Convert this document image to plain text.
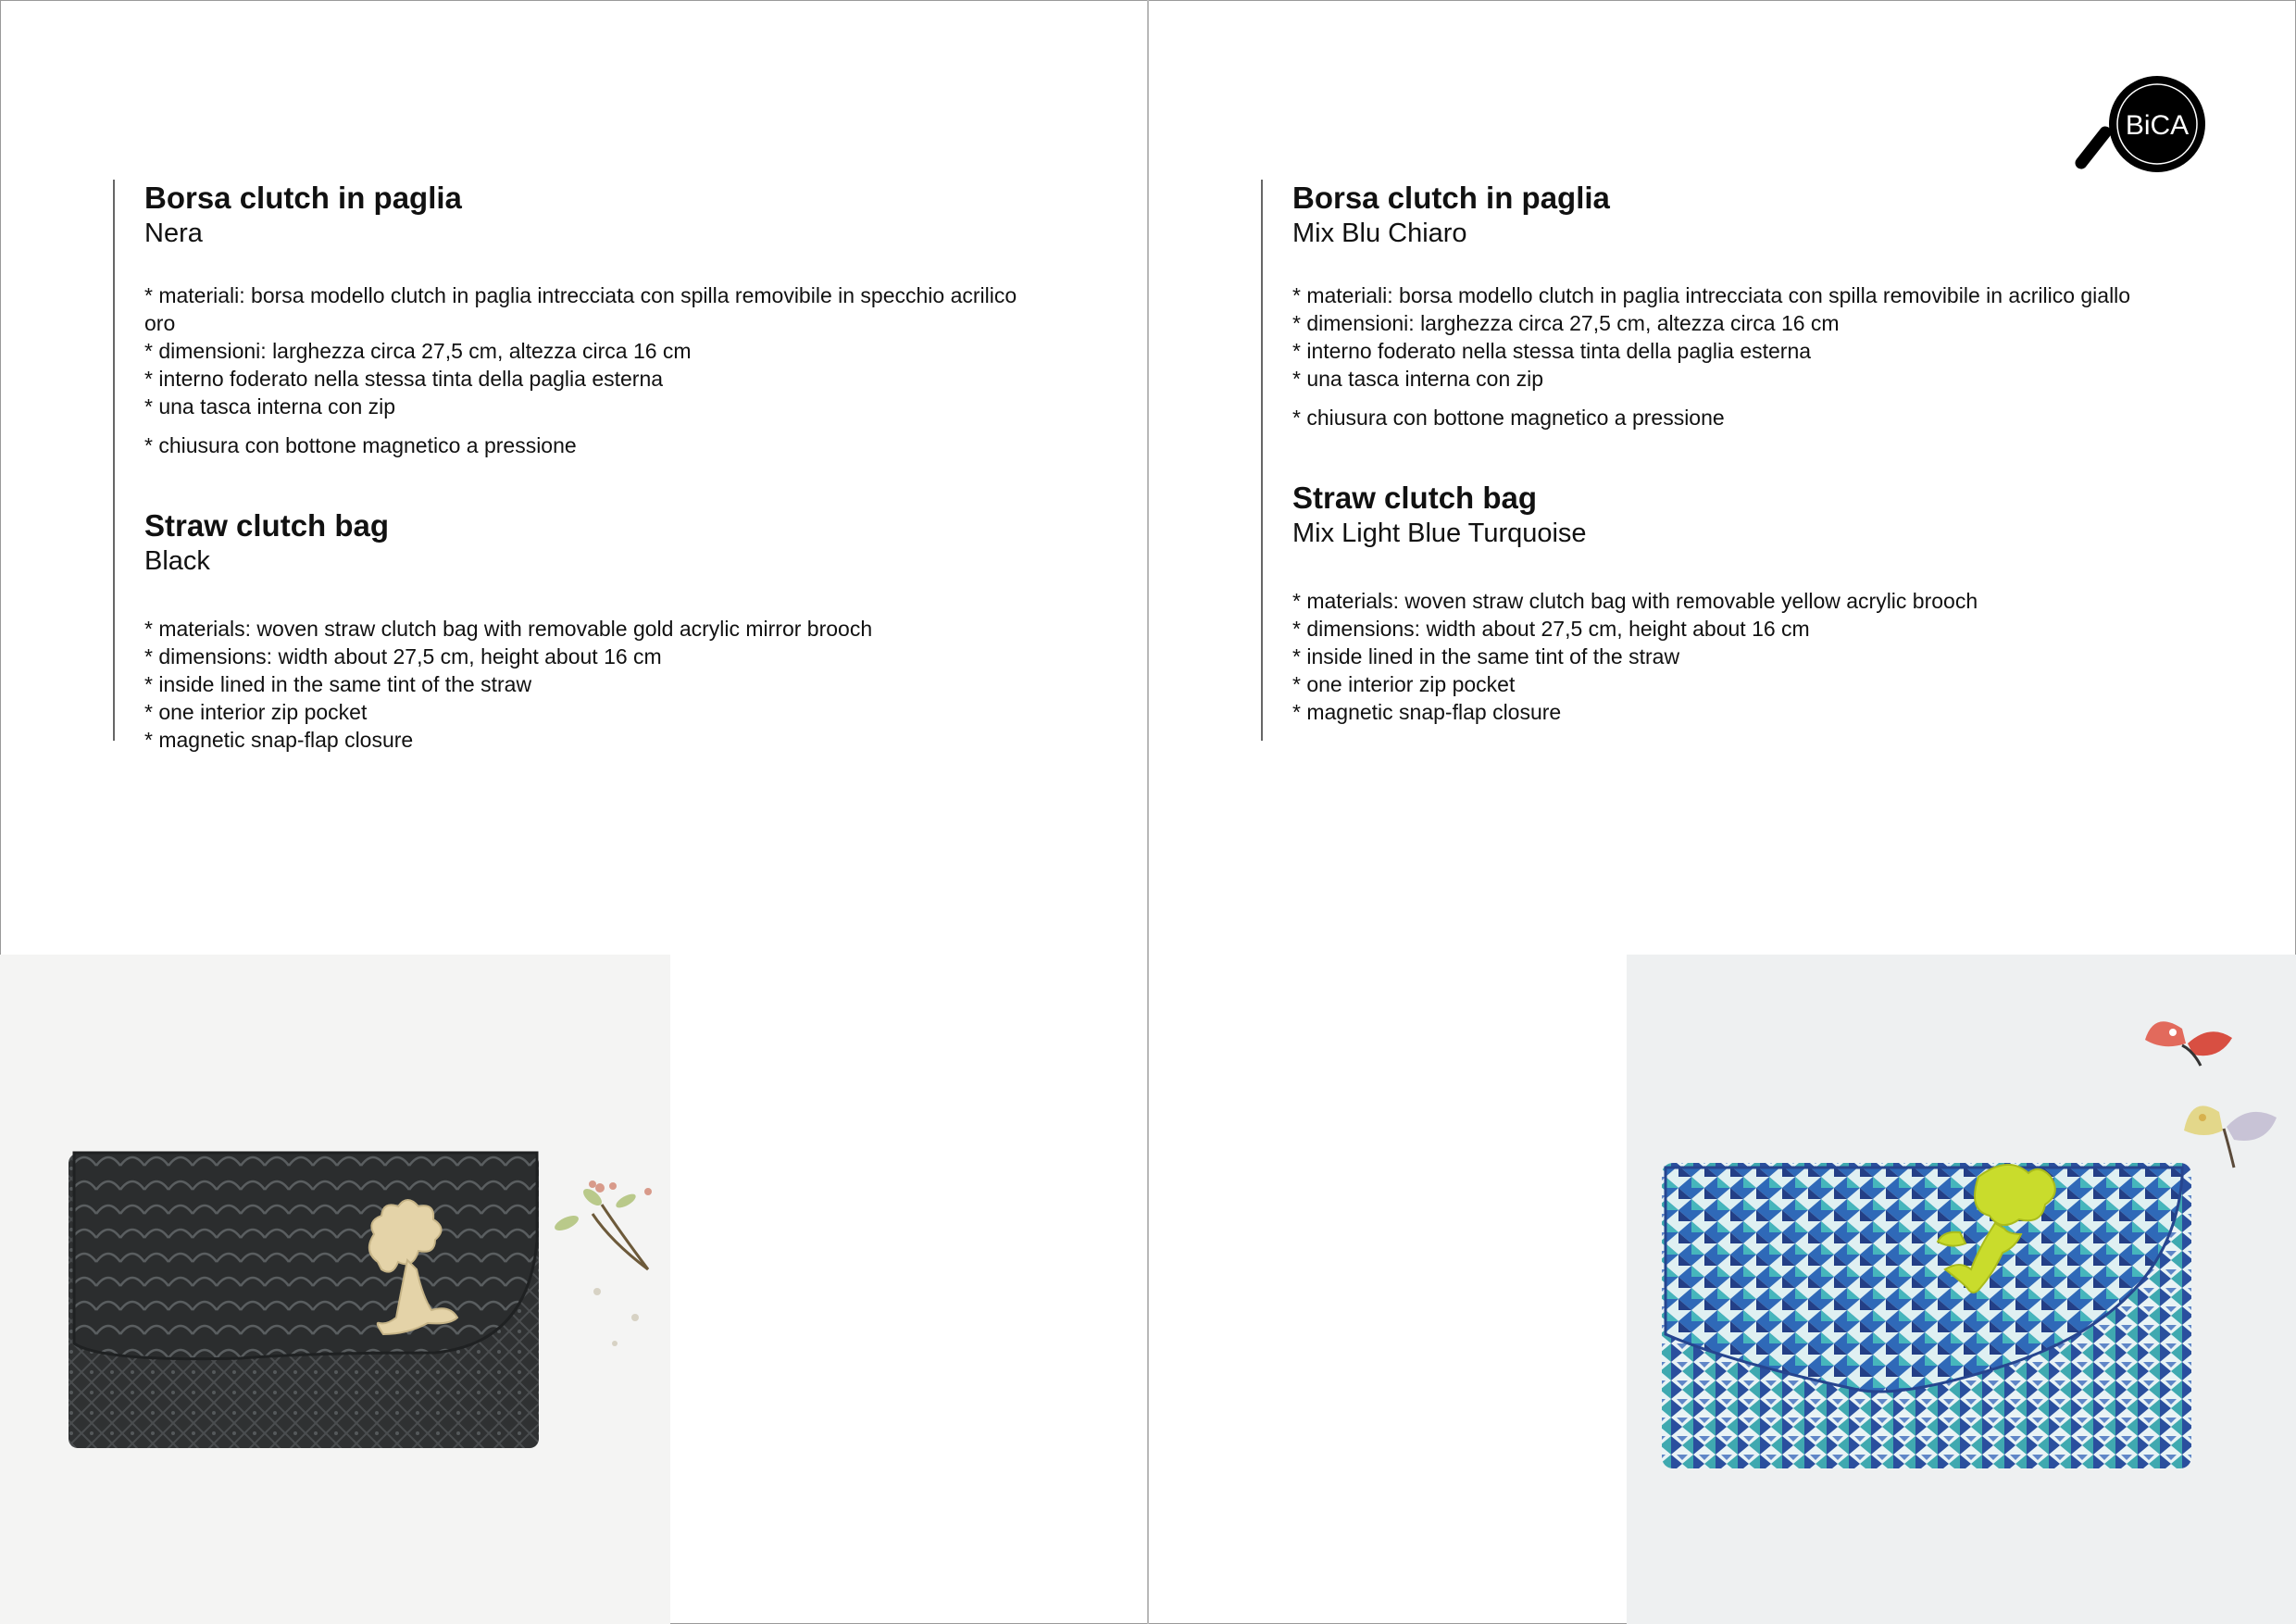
Borsa clutch in paglia

Nera

* materiali: borsa modello clutch in paglia intrecciata con spilla removibile in specchio acrilico oro
* dimensioni: larghezza circa 27,5 cm, altezza circa 16 cm
* interno foderato nella stessa tinta della paglia esterna
* una tasca interna con zip
* chiusura con bottone magnetico a pressione

Straw clutch bag

Black

* materials: woven straw clutch bag with removable gold acrylic mirror brooch
* dimensions: width about 27,5 cm, height about 16 cm
* inside lined in the same tint of the straw
* one interior zip pocket
* magnetic snap-flap closure

Borsa clutch in paglia

Mix Blu Chiaro

* materiali: borsa modello clutch in paglia intrecciata con spilla removibile in acrilico giallo
* dimensioni: larghezza circa 27,5 cm, altezza circa 16 cm
* interno foderato nella stessa tinta della paglia esterna
* una tasca interna con zip
* chiusura con bottone magnetico a pressione

Straw clutch bag

Mix Light Blue Turquoise

* materials: woven straw clutch bag with removable yellow acrylic brooch
* dimensions: width about 27,5 cm, height about 16 cm
* inside lined in the same tint of the straw
* one interior zip pocket
* magnetic snap-flap closure
BiCA
